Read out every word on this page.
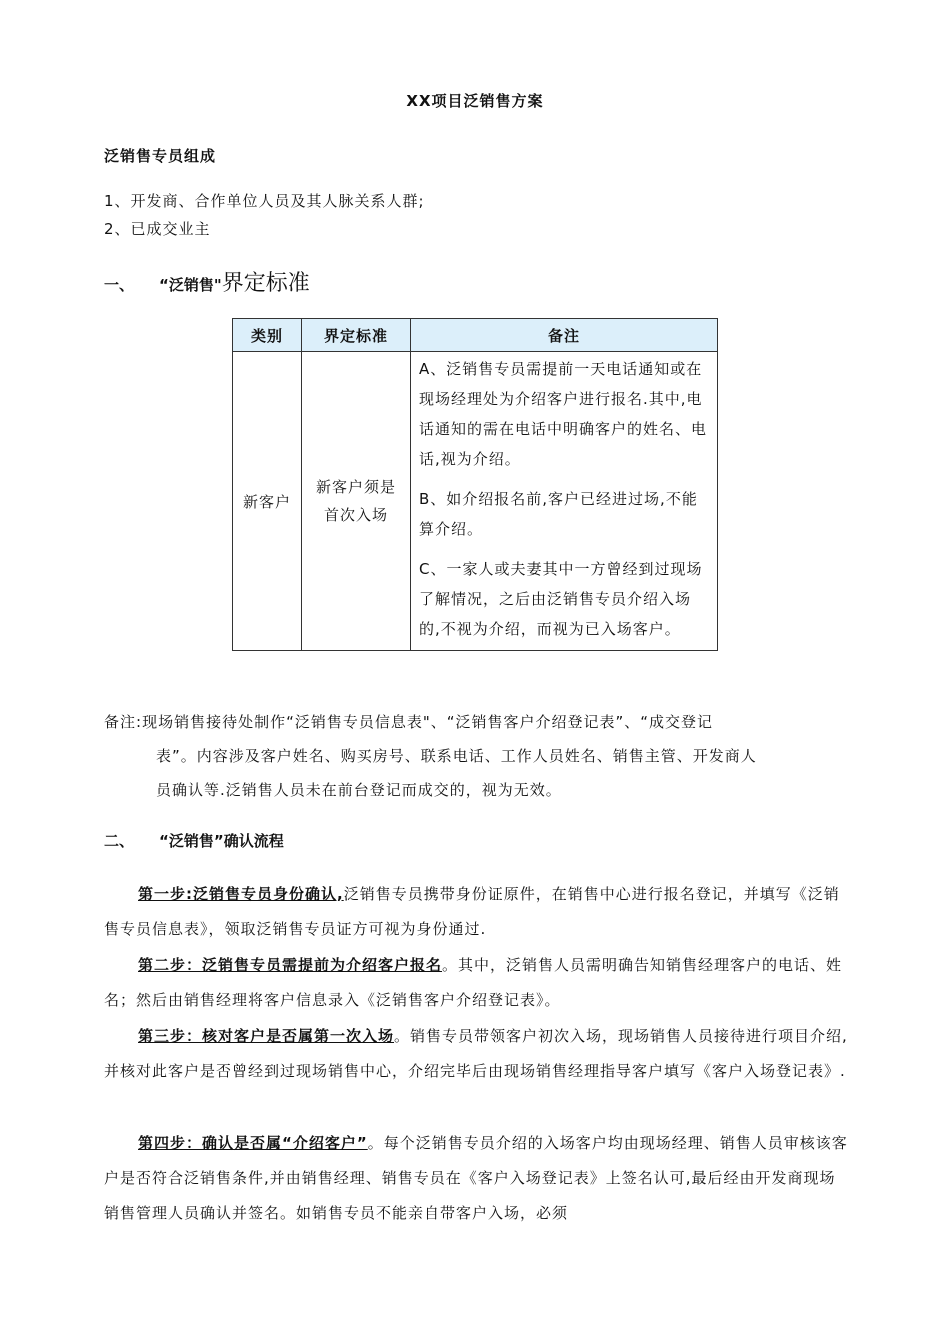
XX项目泛销售方案
泛销售专员组成
1、开发商、合作单位人员及其人脉关系人群;
2、已成交业主
一、 “泛销售"界定标准
类别	界定标准	备注
新客户	新客户须是首次入场	A、泛销售专员需提前一天电话通知或在现场经理处为介绍客户进行报名.其中,电话通知的需在电话中明确客户的姓名、电话,视为介绍。

B、如介绍报名前,客户已经进过场,不能算介绍。

C、一家人或夫妻其中一方曾经到过现场了解情况，之后由泛销售专员介绍入场的,不视为介绍，而视为已入场客户。

备注:现场销售接待处制作“泛销售专员信息表"、“泛销售客户介绍登记表”、“成交登记
表”。内容涉及客户姓名、购买房号、联系电话、工作人员姓名、销售主管、开发商人
员确认等.泛销售人员未在前台登记而成交的，视为无效。
二、 “泛销售”确认流程
第一步:泛销售专员身份确认,泛销售专员携带身份证原件，在销售中心进行报名登记，并填写《泛销售专员信息表》，领取泛销售专员证方可视为身份通过.
第二步：泛销售专员需提前为介绍客户报名。其中，泛销售人员需明确告知销售经理客户的电话、姓名；然后由销售经理将客户信息录入《泛销售客户介绍登记表》。
第三步：核对客户是否属第一次入场。销售专员带领客户初次入场，现场销售人员接待进行项目介绍,并核对此客户是否曾经到过现场销售中心，介绍完毕后由现场销售经理指导客户填写《客户入场登记表》.
第四步：确认是否属“介绍客户”。每个泛销售专员介绍的入场客户均由现场经理、销售人员审核该客户是否符合泛销售条件,并由销售经理、销售专员在《客户入场登记表》上签名认可,最后经由开发商现场销售管理人员确认并签名。如销售专员不能亲自带客户入场，必须
